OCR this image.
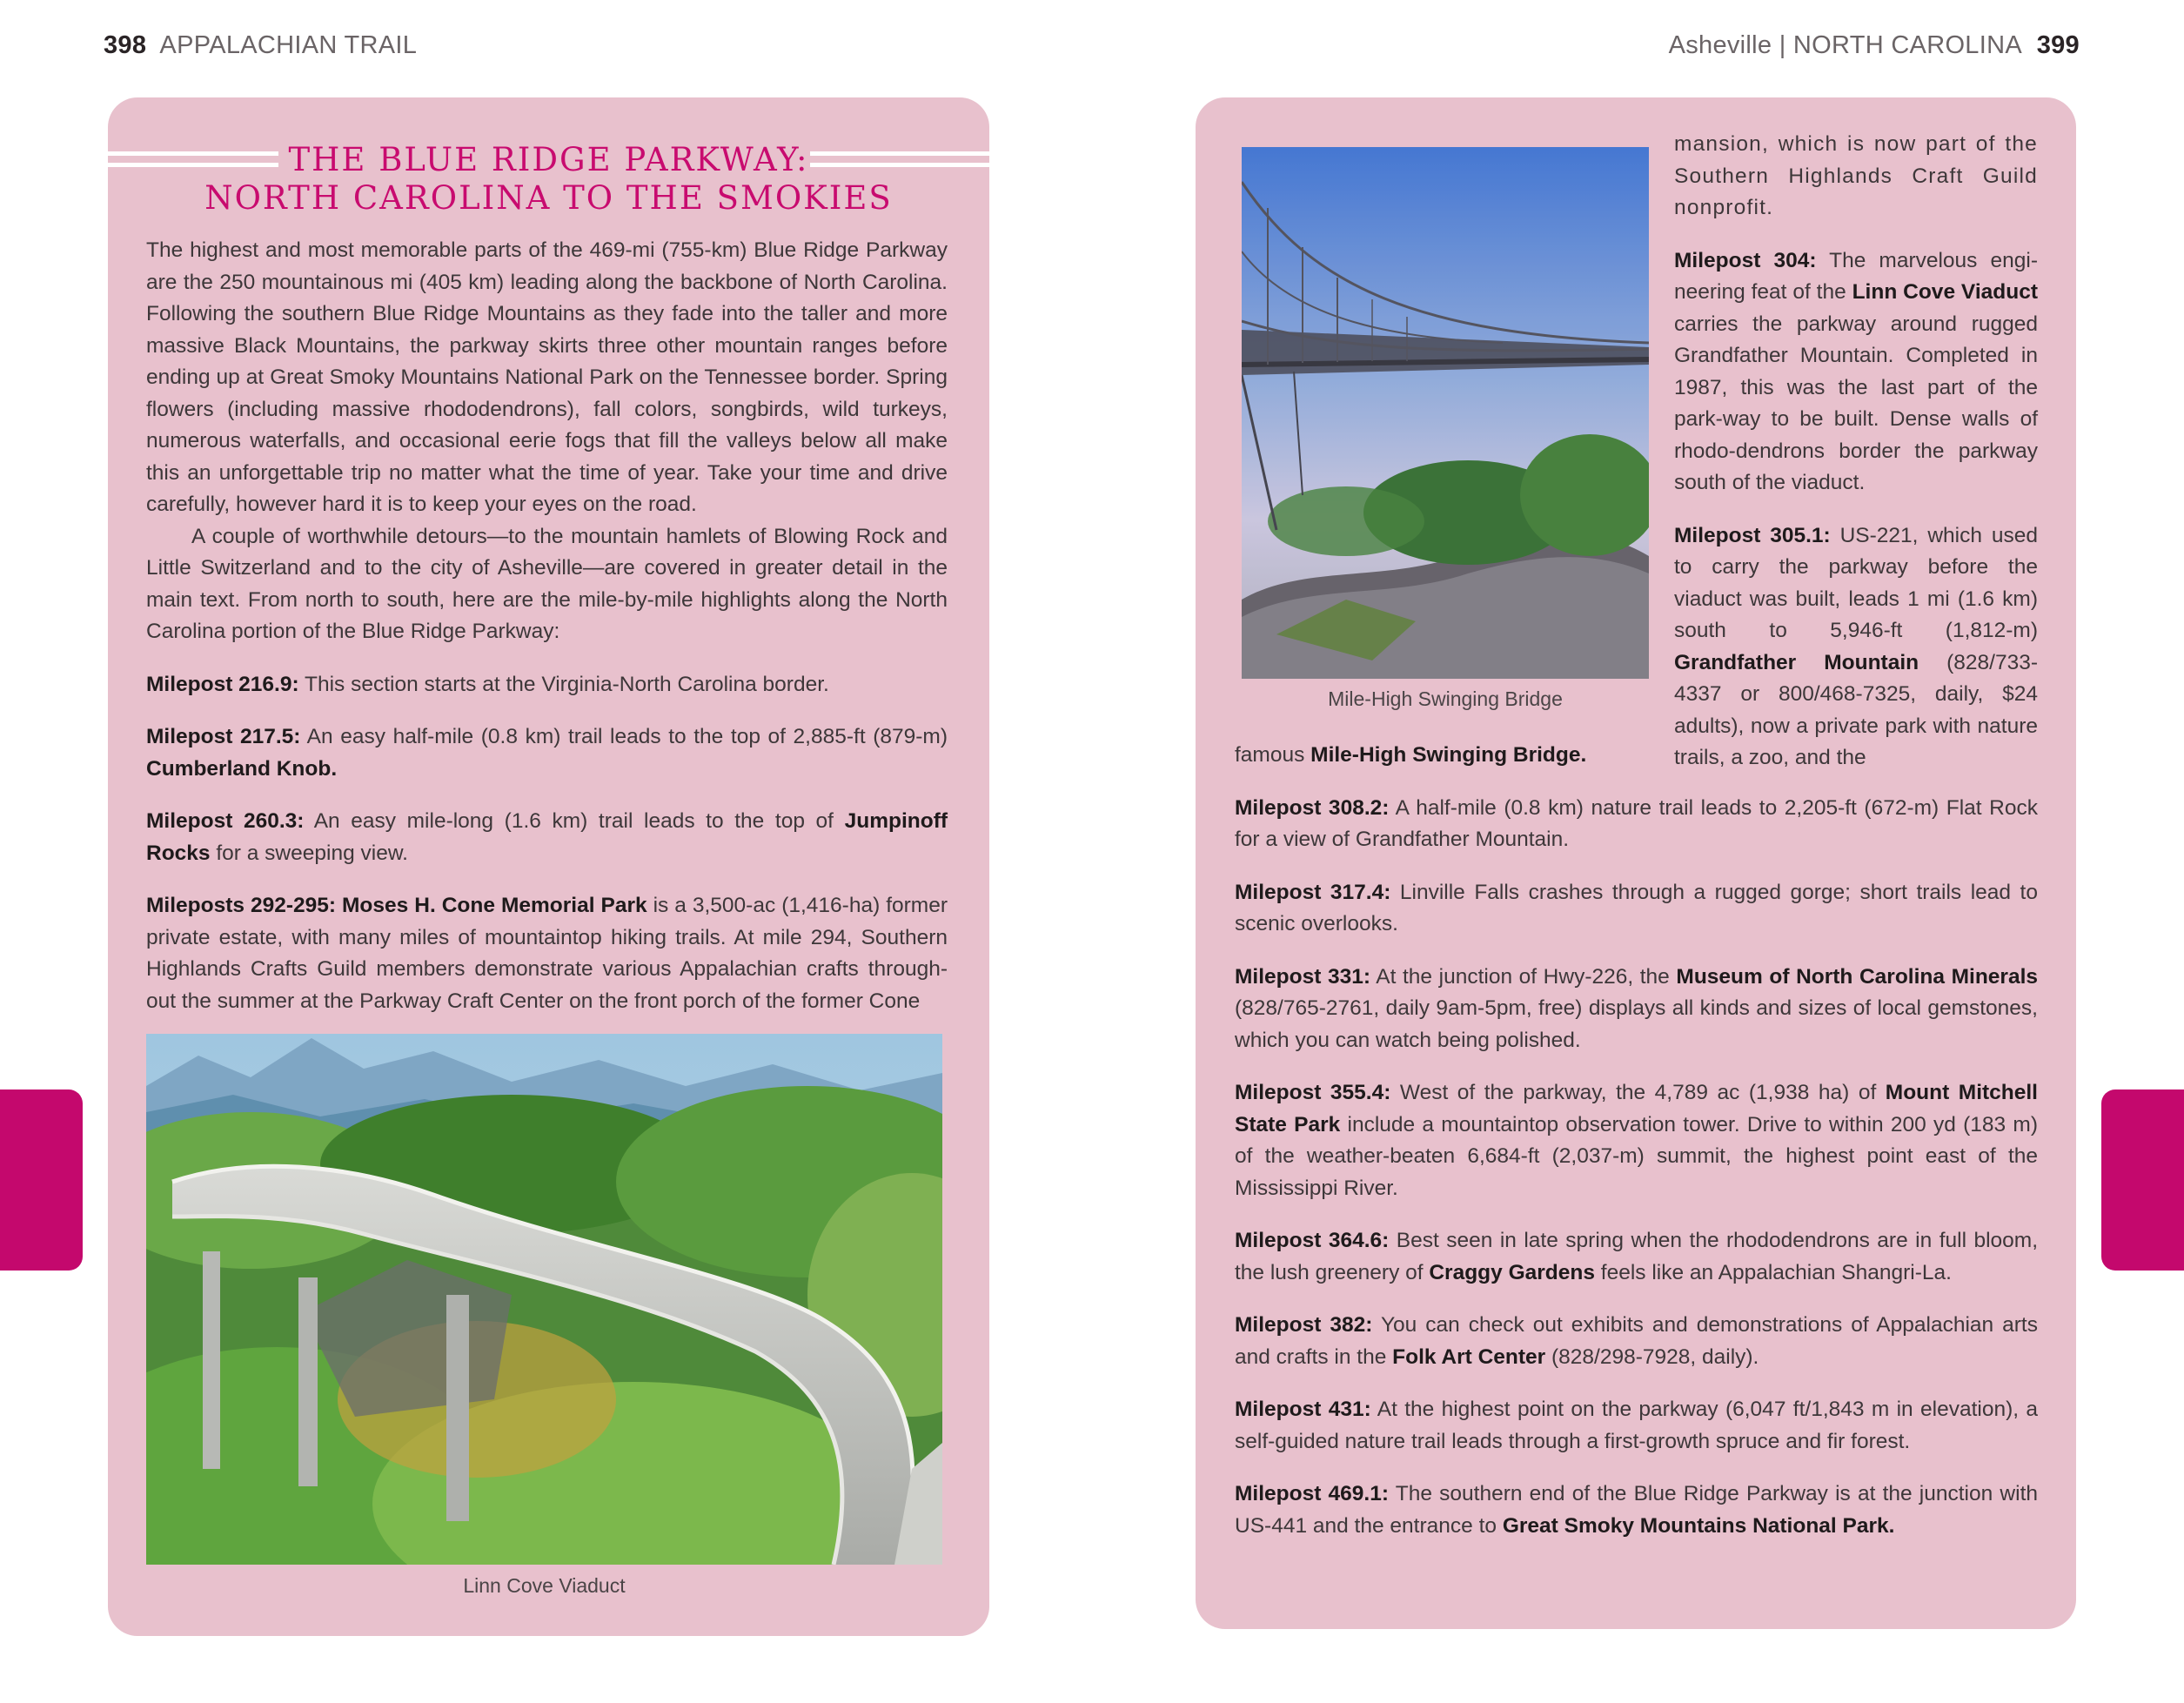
398 APPALACHIAN TRAIL	Asheville | NORTH CAROLINA 399
THE BLUE RIDGE PARKWAY:
NORTH CAROLINA TO THE SMOKIES

The highest and most memorable parts of the 469-mi (755-km) Blue Ridge Parkway are the 250 mountainous mi (405 km) leading along the backbone of North Carolina. Following the southern Blue Ridge Mountains as they fade into the taller and more massive Black Mountains, the parkway skirts three other mountain ranges before ending up at Great Smoky Mountains National Park on the Tennessee border. Spring flowers (including massive rhododendrons), fall colors, songbirds, wild turkeys, numerous waterfalls, and occasional eerie fogs that fill the valleys below all make this an unforgettable trip no matter what the time of year. Take your time and drive carefully, however hard it is to keep your eyes on the road.

A couple of worthwhile detours—to the mountain hamlets of Blowing Rock and Little Switzerland and to the city of Asheville—are covered in greater detail in the main text. From north to south, here are the mile-by-mile highlights along the North Carolina portion of the Blue Ridge Parkway:

Milepost 216.9: This section starts at the Virginia-North Carolina border.

Milepost 217.5: An easy half-mile (0.8 km) trail leads to the top of 2,885-ft (879-m) Cumberland Knob.

Milepost 260.3: An easy mile-long (1.6 km) trail leads to the top of Jumpinoff Rocks for a sweeping view.

Mileposts 292-295: Moses H. Cone Memorial Park is a 3,500-ac (1,416-ha) former private estate, with many miles of mountaintop hiking trails. At mile 294, Southern Highlands Crafts Guild members demonstrate various Appalachian crafts through-out the summer at the Parkway Craft Center on the front porch of the former Cone

Linn Cove Viaduct
Mile-High Swinging Bridge

mansion, which is now part of the Southern Highlands Craft Guild nonprofit.

Milepost 304: The marvelous engi-neering feat of the Linn Cove Viaduct carries the parkway around rugged Grandfather Mountain. Completed in 1987, this was the last part of the park-way to be built. Dense walls of rhodo-dendrons border the parkway south of the viaduct.

Milepost 305.1: US-221, which used to carry the parkway before the viaduct was built, leads 1 mi (1.6 km) south to 5,946-ft (1,812-m) Grandfather Mountain (828/733-4337 or 800/468-7325, daily, $24 adults), now a private park with nature trails, a zoo, and the

famous Mile-High Swinging Bridge.

Milepost 308.2: A half-mile (0.8 km) nature trail leads to 2,205-ft (672-m) Flat Rock for a view of Grandfather Mountain.

Milepost 317.4: Linville Falls crashes through a rugged gorge; short trails lead to scenic overlooks.

Milepost 331: At the junction of Hwy-226, the Museum of North Carolina Minerals (828/765-2761, daily 9am-5pm, free) displays all kinds and sizes of local gemstones, which you can watch being polished.

Milepost 355.4: West of the parkway, the 4,789 ac (1,938 ha) of Mount Mitchell State Park include a mountaintop observation tower. Drive to within 200 yd (183 m) of the weather-beaten 6,684-ft (2,037-m) summit, the highest point east of the Mississippi River.

Milepost 364.6: Best seen in late spring when the rhododendrons are in full bloom, the lush greenery of Craggy Gardens feels like an Appalachian Shangri-La.

Milepost 382: You can check out exhibits and demonstrations of Appalachian arts and crafts in the Folk Art Center (828/298-7928, daily).

Milepost 431: At the highest point on the parkway (6,047 ft/1,843 m in elevation), a self-guided nature trail leads through a first-growth spruce and fir forest.

Milepost 469.1: The southern end of the Blue Ridge Parkway is at the junction with US-441 and the entrance to Great Smoky Mountains National Park.
